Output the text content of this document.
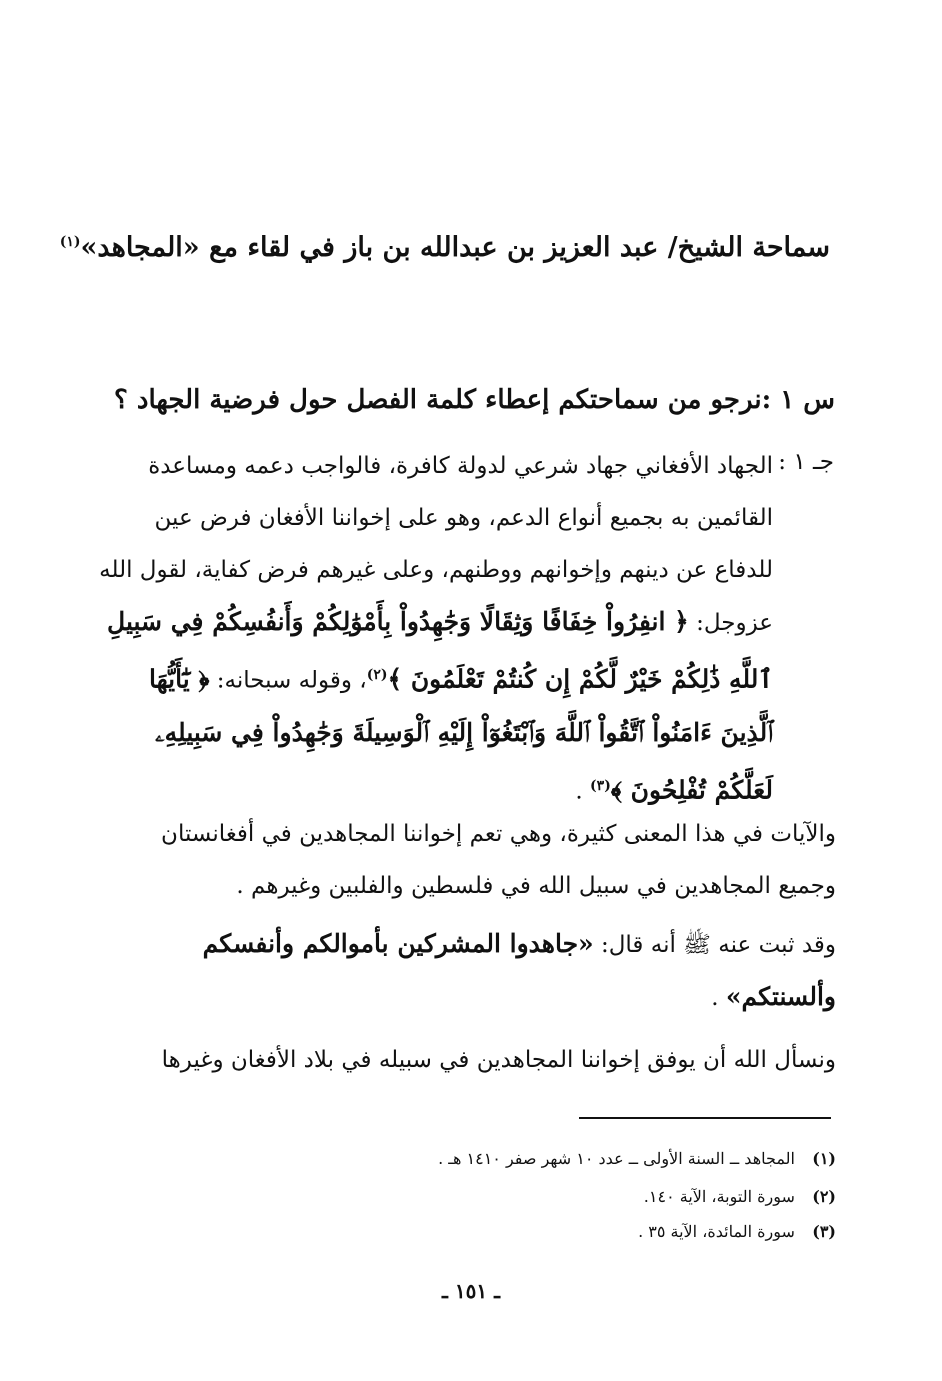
سماحة الشيخ/ عبد العزيز بن عبدالله بن باز في لقاء مع «المجاهد»$^{(١)}$
س ١ :نرجو من سماحتكم إعطاء كلمة الفصل حول فرضية الجهاد ؟
جـ ١ :
الجهاد الأفغاني جهاد شرعي لدولة كافرة، فالواجب دعمه ومساعدة القائمين به بجميع أنواع الدعم، وهو على إخواننا الأفغان فرض عين للدفاع عن دينهم وإخوانهم ووطنهم، وعلى غيرهم فرض كفاية، لقول الله عزوجل: ﴿ انفِرُواْ خِفَافًا وَثِقَالًا وَجَٰهِدُواْ بِأَمْوَٰلِكُمْ وَأَنفُسِكُمْ فِي سَبِيلِ ٱللَّهِ ذَٰلِكُمْ خَيْرٌ لَّكُمْ إِن كُنتُمْ تَعْلَمُونَ ﴾$^{(٢)}$، وقوله سبحانه: ﴿ يَٰٓأَيُّهَا ٱلَّذِينَ ءَامَنُواْ ٱتَّقُواْ ٱللَّهَ وَٱبْتَغُوٓاْ إِلَيْهِ ٱلْوَسِيلَةَ وَجَٰهِدُواْ فِي سَبِيلِهِۦ لَعَلَّكُمْ تُفْلِحُونَ ﴾$^{(٣)}$ .
والآيات في هذا المعنى كثيرة، وهي تعم إخواننا المجاهدين في أفغانستان وجميع المجاهدين في سبيل الله في فلسطين والفلبين وغيرهم .
وقد ثبت عنه ﷺ أنه قال: «جاهدوا المشركين بأموالكم وأنفسكم وألسنتكم» .
ونسأل الله أن يوفق إخواننا المجاهدين في سبيله في بلاد الأفغان وغيرها
(١) المجاهد ــ السنة الأولى ــ عدد ١٠ شهر صفر ١٤١٠ هـ .
(٢) سورة التوبة، الآية ١٤٠.
(٣) سورة المائدة، الآية ٣٥ .
ـ ١٥١ ـ
